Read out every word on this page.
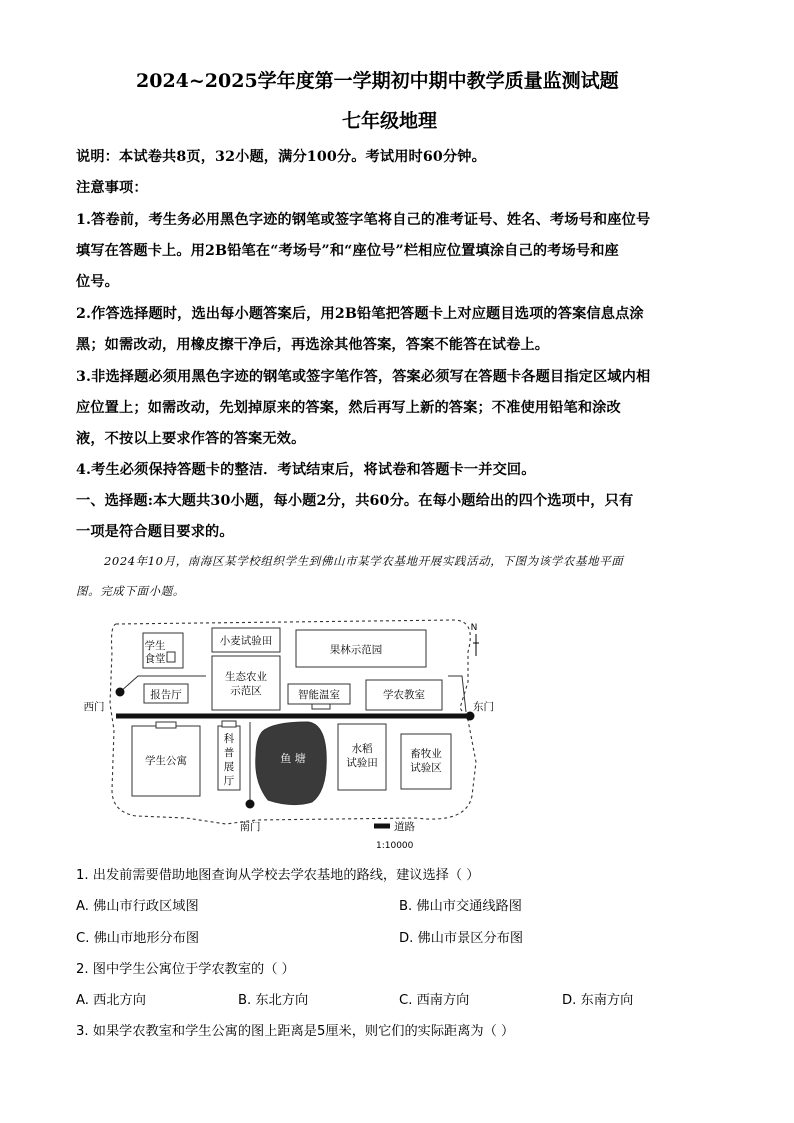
2024~2025学年度第一学期初中期中教学质量监测试题
七年级地理
说明：本试卷共8页，32小题，满分100分。考试用时60分钟。
注意事项：
1.答卷前，考生务必用黑色字迹的钢笔或签字笔将自己的准考证号、姓名、考场号和座位号
填写在答题卡上。用2B铅笔在“考场号”和“座位号”栏相应位置填涂自己的考场号和座
位号。
2.作答选择题时，选出每小题答案后，用2B铅笔把答题卡上对应题目选项的答案信息点涂
黑；如需改动，用橡皮擦干净后，再选涂其他答案，答案不能答在试卷上。
3.非选择题必须用黑色字迹的钢笔或签字笔作答，答案必须写在答题卡各题目指定区域内相
应位置上；如需改动，先划掉原来的答案，然后再写上新的答案；不准使用铅笔和涂改
液，不按以上要求作答的答案无效。
4.考生必须保持答题卡的整洁．考试结束后，将试卷和答题卡一并交回。
一、选择题:本大题共30小题，每小题2分，共60分。在每小题给出的四个选项中，只有
一项是符合题目要求的。
2024年10月，南海区某学校组织学生到佛山市某学农基地开展实践活动，下图为该学农基地平面
图。完成下面小题。
N
学生
食堂
小麦试验田
果林示范园
生态农业
示范区
报告厅	智能温室	学农教室
西门	东门
学生公寓
科
普
展
厅
鱼 塘
南门
水稻
试验田
畜牧业
试验区
道路
1:10000
1. 出发前需要借助地图查询从学校去学农基地的路线，建议选择（ ）
A. 佛山市行政区域图	B. 佛山市交通线路图
C. 佛山市地形分布图	D. 佛山市景区分布图
2. 图中学生公寓位于学农教室的（ ）
A. 西北方向	B. 东北方向	C. 西南方向	D. 东南方向
3. 如果学农教室和学生公寓的图上距离是5厘米，则它们的实际距离为（ ）
